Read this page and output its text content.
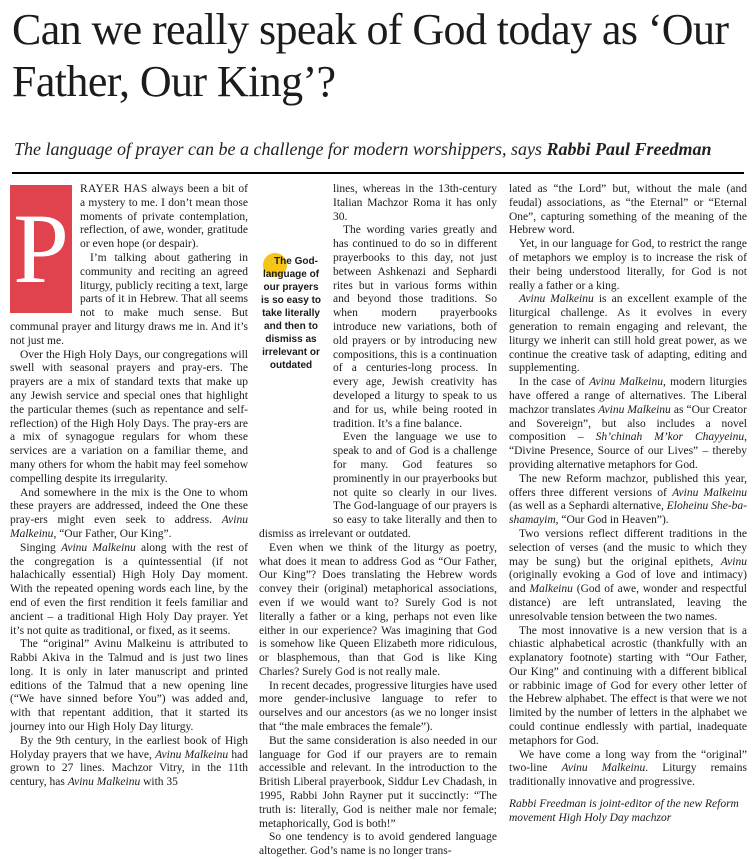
Can we really speak of God today as ‘Our Father, Our King’?

The language of prayer can be a challenge for modern worshippers, says Rabbi Paul Freedman

P

RAYER HAS always been a bit of a mystery to me. I don’t mean those moments of private contemplation, reflection, of awe, wonder, gratitude or even hope (or despair).

I’m talking about gathering in community and reciting an agreed liturgy, publicly reciting a text, large parts of it in Hebrew. That all seems not to make much sense. But communal prayer and liturgy draws me in. And it’s not just me.

Over the High Holy Days, our congregations will swell with seasonal prayers and pray-ers. The prayers are a mix of standard texts that make up any Jewish service and special ones that highlight the particular themes (such as repentance and self-reflection) of the High Holy Days. The pray-ers are a mix of synagogue regulars for whom these services are a variation on a familiar theme, and many others for whom the habit may feel somehow compelling despite its irregularity.

And somewhere in the mix is the One to whom these prayers are addressed, indeed the One these pray-ers might even seek to address. Avinu Malkeinu, “Our Father, Our King”.

Singing Avinu Malkeinu along with the rest of the congregation is a quintessential (if not halachically essential) High Holy Day moment. With the repeated opening words each line, by the end of even the first rendition it feels familiar and ancient – a traditional High Holy Day prayer. Yet it’s not quite as traditional, or fixed, as it seems.

The “original” Avinu Malkeinu is attributed to Rabbi Akiva in the Talmud and is just two lines long. It is only in later manuscript and printed editions of the Talmud that a new opening line (“We have sinned before You”) was added and, with that repentant addition, that it started its journey into our High Holy Day liturgy.

By the 9th century, in the earliest book of High Holyday prayers that we have, Avinu Malkeinu had grown to 27 lines. Machzor Vitry, in the 11th century, has Avinu Malkeinu with 35

The God-language of our prayers is so easy to take literally and then to dismiss as irrelevant or outdated

lines, whereas in the 13th-century Italian Machzor Roma it has only 30.

The wording varies greatly and has continued to do so in different prayerbooks to this day, not just between Ashkenazi and Sephardi rites but in various forms within and beyond those traditions. So when modern prayerbooks introduce new variations, both of old prayers or by introducing new compositions, this is a continuation of a centuries-long process. In every age, Jewish creativity has developed a liturgy to speak to us and for us, while being rooted in tradition. It’s a fine balance.

Even the language we use to speak to and of God is a challenge for many. God features so prominently in our prayerbooks but not quite so clearly in our lives. The God-language of our prayers is so easy to take literally and then to dismiss as irrelevant or outdated.

Even when we think of the liturgy as poetry, what does it mean to address God as “Our Father, Our King”? Does translating the Hebrew words convey their (original) metaphorical associations, even if we would want to? Surely God is not literally a father or a king, perhaps not even like either in our experience? Was imagining that God is somehow like Queen Elizabeth more ridiculous, or blasphemous, than that God is like King Charles? Surely God is not really male.

In recent decades, progressive liturgies have used more gender-inclusive language to refer to ourselves and our ancestors (as we no longer insist that “the male embraces the female”).

But the same consideration is also needed in our language for God if our prayers are to remain accessible and relevant. In the introduction to the British Liberal prayerbook, Siddur Lev Chadash, in 1995, Rabbi John Rayner put it succinctly: “The truth is: literally, God is neither male nor female; metaphorically, God is both!”

So one tendency is to avoid gendered language altogether. God’s name is no longer trans-

lated as “the Lord” but, without the male (and feudal) associations, as “the Eternal” or “Eternal One”, capturing something of the meaning of the Hebrew word.

Yet, in our language for God, to restrict the range of metaphors we employ is to increase the risk of their being understood literally, for God is not really a father or a king.

Avinu Malkeinu is an excellent example of the liturgical challenge. As it evolves in every generation to remain engaging and relevant, the liturgy we inherit can still hold great power, as we continue the creative task of adapting, editing and supplementing.

In the case of Avinu Malkeinu, modern liturgies have offered a range of alternatives. The Liberal machzor translates Avinu Malkeinu as “Our Creator and Sovereign”, but also includes a novel composition – Sh’chinah M’kor Chayyeinu, “Divine Presence, Source of our Lives” – thereby providing alternative metaphors for God.

The new Reform machzor, published this year, offers three different versions of Avinu Malkeinu (as well as a Sephardi alternative, Eloheinu She-ba-shamayim, “Our God in Heaven”).

Two versions reflect different traditions in the selection of verses (and the music to which they may be sung) but the original epithets, Avinu (originally evoking a God of love and intimacy) and Malkeinu (God of awe, wonder and respectful distance) are left untranslated, leaving the unresolvable tension between the two names.

The most innovative is a new version that is a chiastic alphabetical acrostic (thankfully with an explanatory footnote) starting with “Our Father, Our King” and continuing with a different biblical or rabbinic image of God for every other letter of the Hebrew alphabet. The effect is that were we not limited by the number of letters in the alphabet we could continue endlessly with partial, inadequate metaphors for God.

We have come a long way from the “original” two-line Avinu Malkeinu. Liturgy remains traditionally innovative and progressive.

Rabbi Freedman is joint-editor of the new Reform movement High Holy Day machzor
